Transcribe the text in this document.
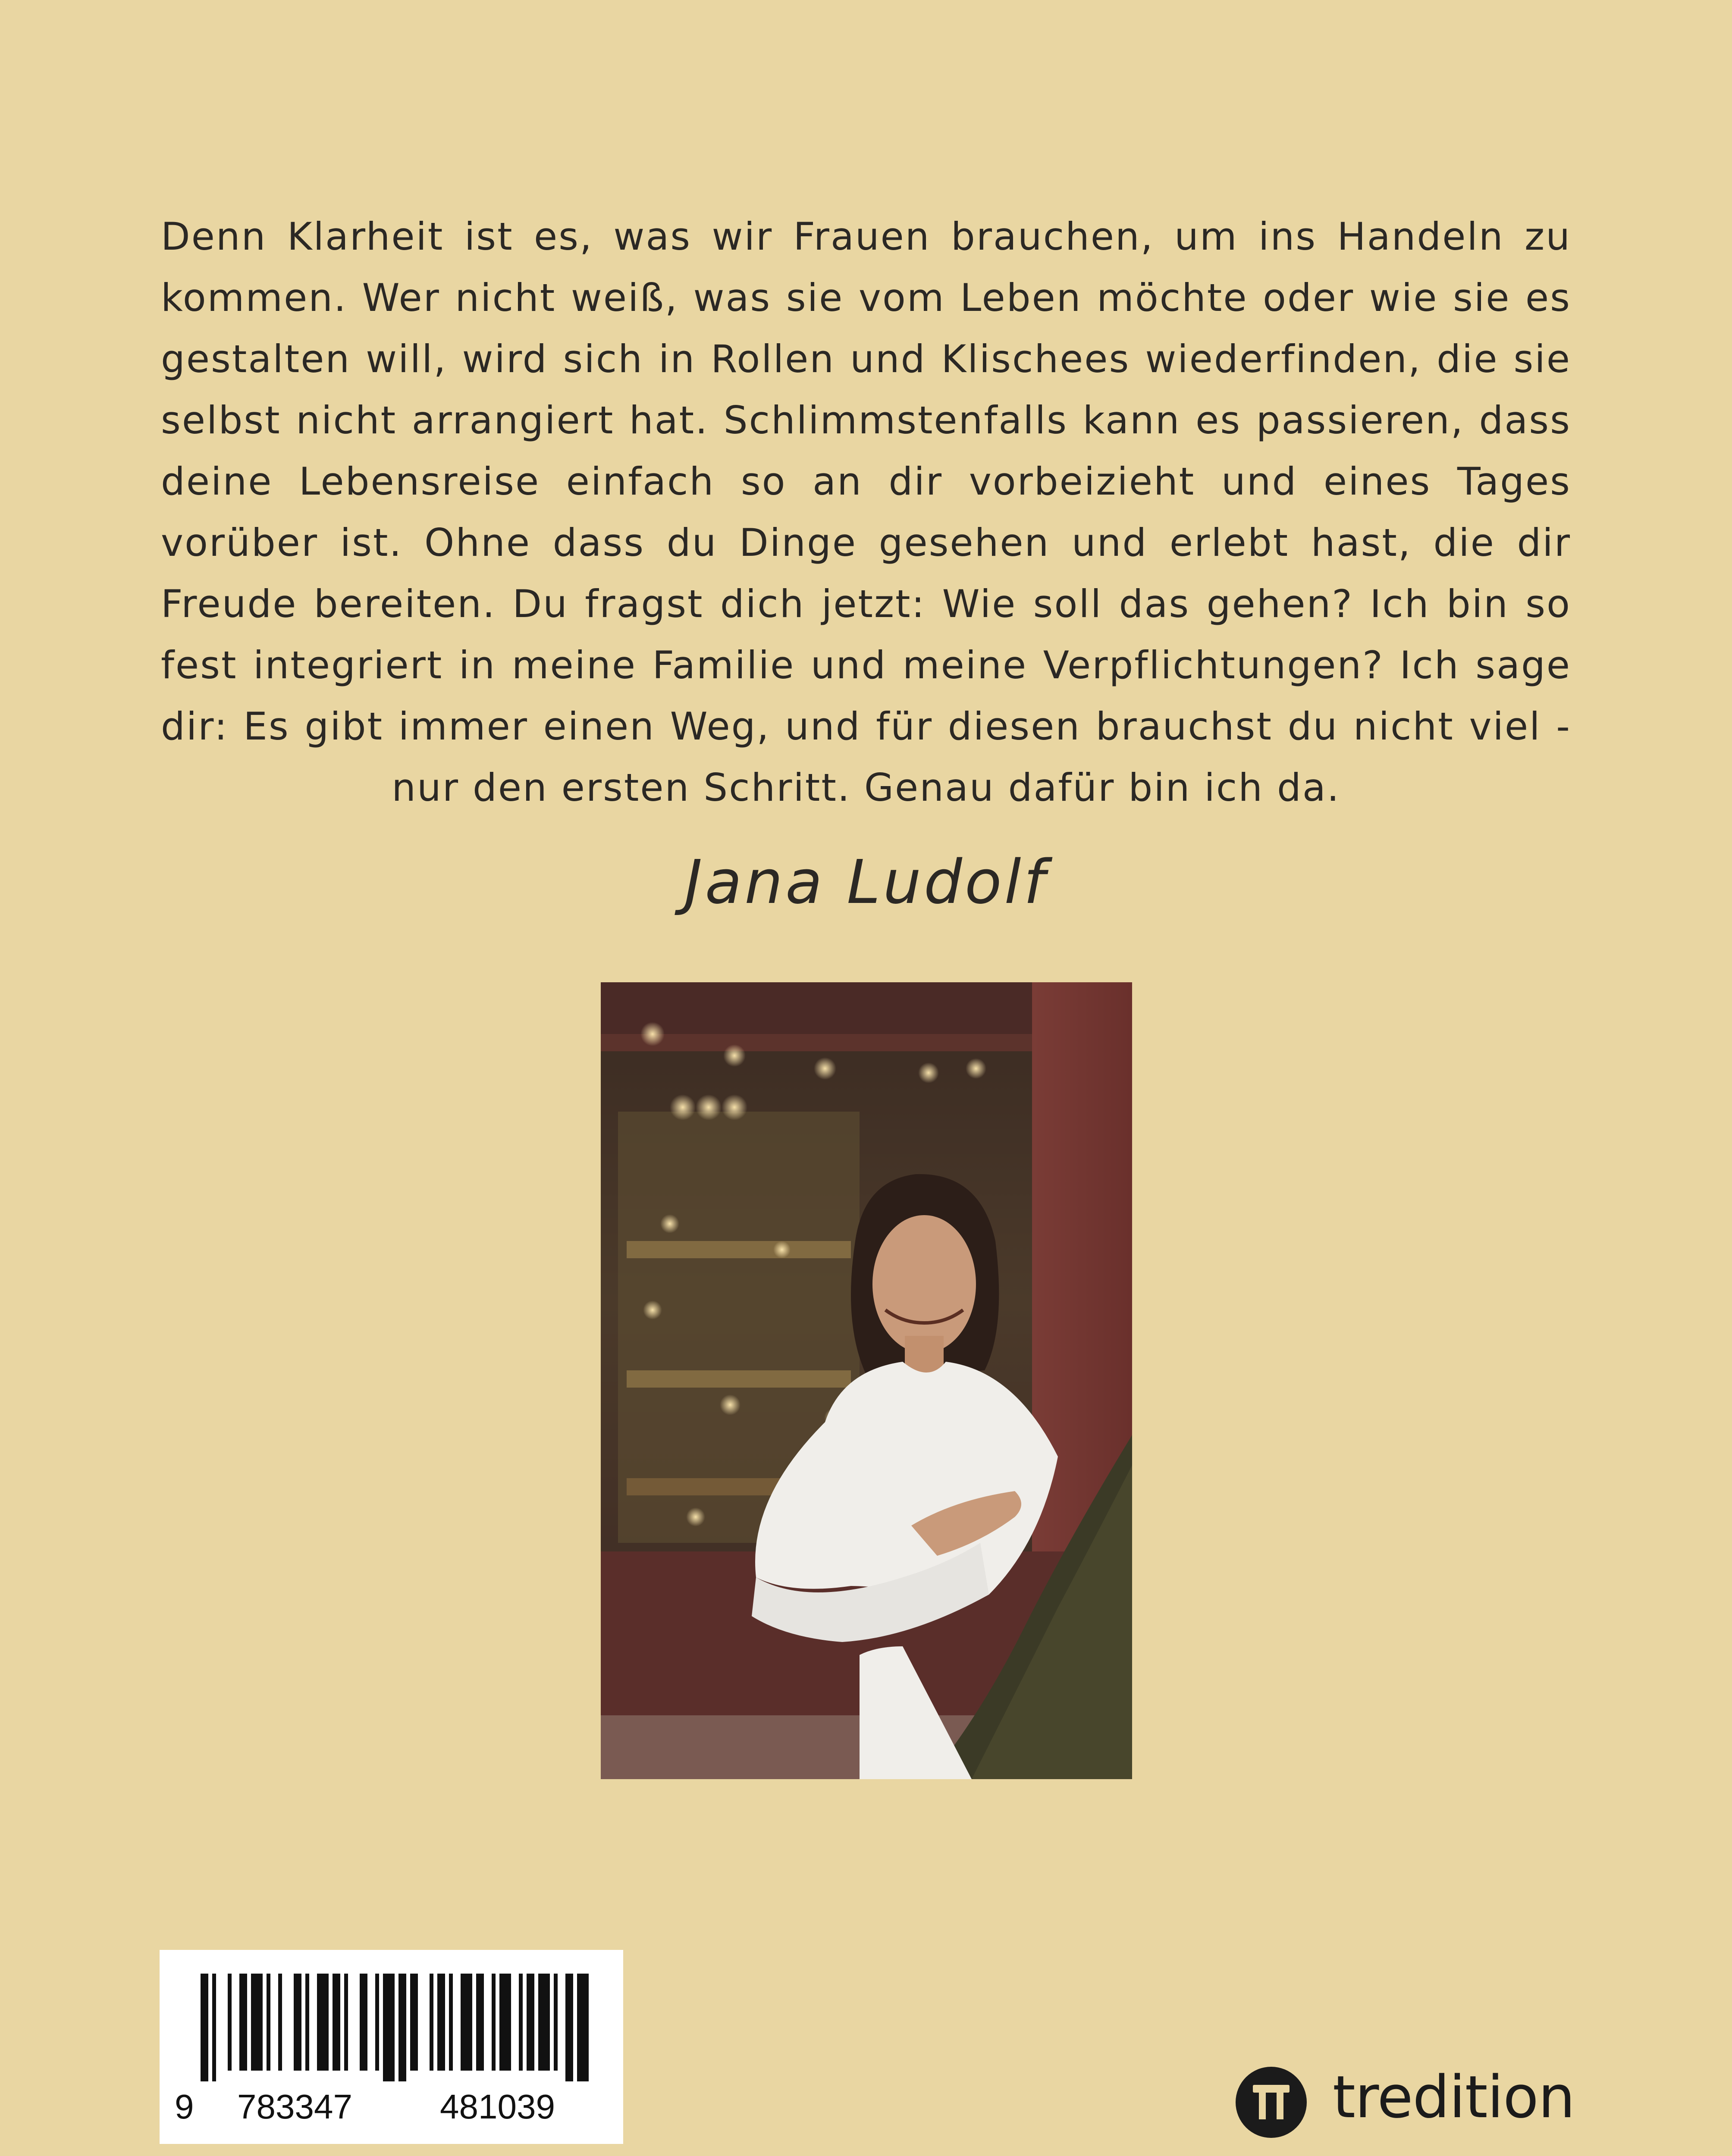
Denn Klarheit ist es, was wir Frauen brauchen, um ins Handeln zu
kommen. Wer nicht weiß, was sie vom Leben möchte oder wie sie es
gestalten will, wird sich in Rollen und Klischees wiederfinden, die sie
selbst nicht arrangiert hat. Schlimmstenfalls kann es passieren, dass
deine Lebensreise einfach so an dir vorbeizieht und eines Tages
vorüber ist. Ohne dass du Dinge gesehen und erlebt hast, die dir
Freude bereiten. Du fragst dich jetzt: Wie soll das gehen? Ich bin so
fest integriert in meine Familie und meine Verpflichtungen? Ich sage
dir: Es gibt immer einen Weg, und für diesen brauchst du nicht viel -
nur den ersten Schritt. Genau dafür bin ich da.
Jana Ludolf
9 783347	481039	tredition
